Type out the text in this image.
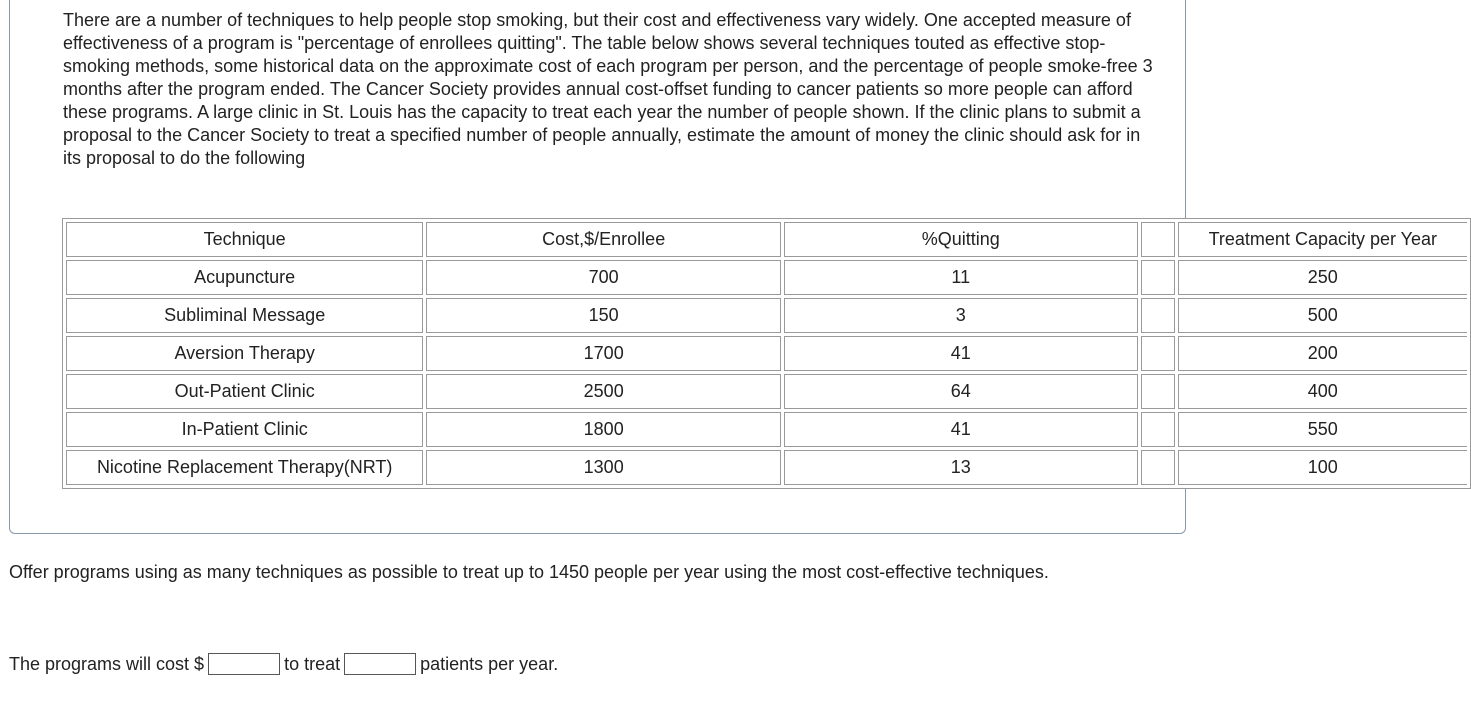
There are a number of techniques to help people stop smoking, but their cost and effectiveness vary widely. One accepted measure of effectiveness of a program is "percentage of enrollees quitting". The table below shows several techniques touted as effective stop-smoking methods, some historical data on the approximate cost of each program per person, and the percentage of people smoke-free 3 months after the program ended. The Cancer Society provides annual cost-offset funding to cancer patients so more people can afford these programs. A large clinic in St. Louis has the capacity to treat each year the number of people shown. If the clinic plans to submit a proposal to the Cancer Society to treat a specified number of people annually, estimate the amount of money the clinic should ask for in its proposal to do the following

Technique	Cost,$/Enrollee	%Quitting		Treatment Capacity per Year
Acupuncture	700	11		250
Subliminal Message	150	3		500
Aversion Therapy	1700	41		200
Out-Patient Clinic	2500	64		400
In-Patient Clinic	1800	41		550
Nicotine Replacement Therapy(NRT)	1300	13		100

Offer programs using as many techniques as possible to treat up to 1450 people per year using the most cost-effective techniques.

The programs will cost $	to treat	patients per year.
